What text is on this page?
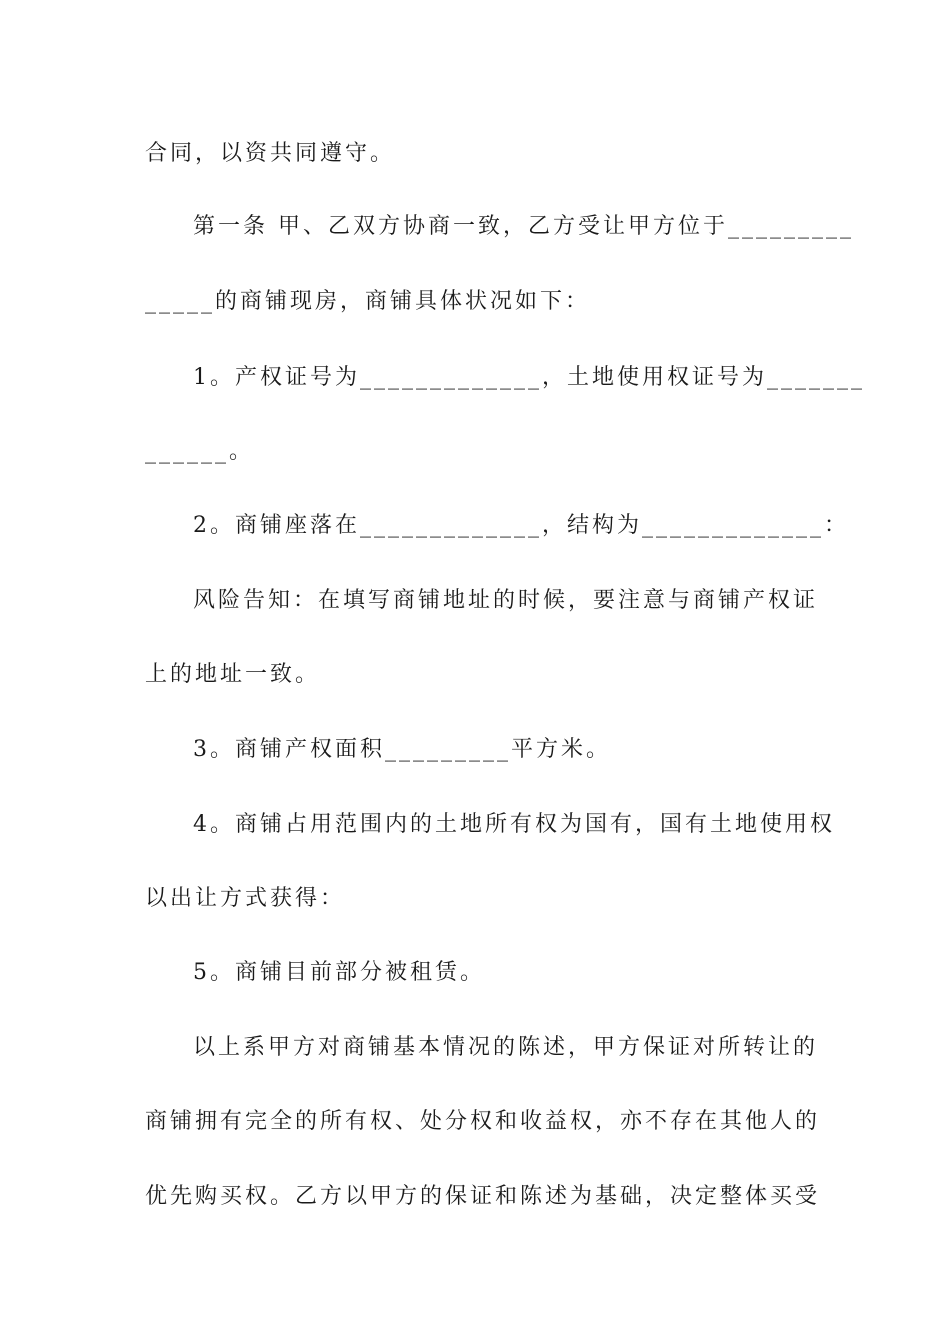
合同，以资共同遵守。
第一条 甲、乙双方协商一致，乙方受让甲方位于_________
_____的商铺现房，商铺具体状况如下：
1。产权证号为_____________，土地使用权证号为_______
______。
2。商铺座落在_____________，结构为_____________：
风险告知：在填写商铺地址的时候，要注意与商铺产权证
上的地址一致。
3。商铺产权面积_________平方米。
4。商铺占用范围内的土地所有权为国有，国有土地使用权
以出让方式获得：
5。商铺目前部分被租赁。
以上系甲方对商铺基本情况的陈述，甲方保证对所转让的
商铺拥有完全的所有权、处分权和收益权，亦不存在其他人的
优先购买权。乙方以甲方的保证和陈述为基础，决定整体买受
